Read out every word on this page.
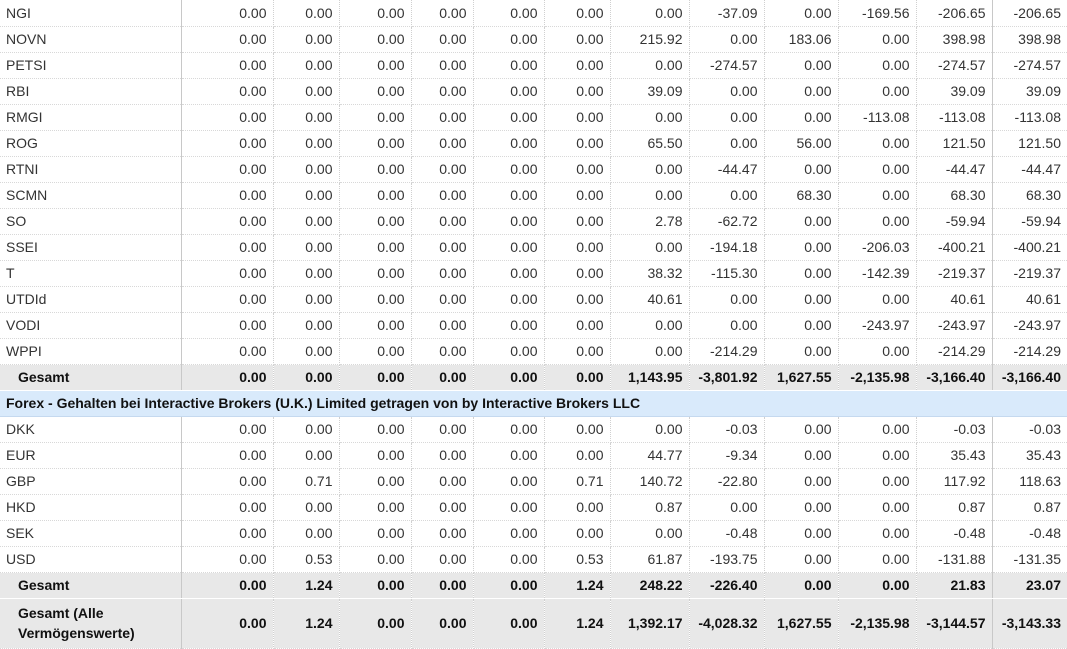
NGI	0.00	0.00	0.00	0.00	0.00	0.00	0.00	-37.09	0.00	-169.56	-206.65	-206.65
NOVN	0.00	0.00	0.00	0.00	0.00	0.00	215.92	0.00	183.06	0.00	398.98	398.98
PETSI	0.00	0.00	0.00	0.00	0.00	0.00	0.00	-274.57	0.00	0.00	-274.57	-274.57
RBI	0.00	0.00	0.00	0.00	0.00	0.00	39.09	0.00	0.00	0.00	39.09	39.09
RMGI	0.00	0.00	0.00	0.00	0.00	0.00	0.00	0.00	0.00	-113.08	-113.08	-113.08
ROG	0.00	0.00	0.00	0.00	0.00	0.00	65.50	0.00	56.00	0.00	121.50	121.50
RTNI	0.00	0.00	0.00	0.00	0.00	0.00	0.00	-44.47	0.00	0.00	-44.47	-44.47
SCMN	0.00	0.00	0.00	0.00	0.00	0.00	0.00	0.00	68.30	0.00	68.30	68.30
SO	0.00	0.00	0.00	0.00	0.00	0.00	2.78	-62.72	0.00	0.00	-59.94	-59.94
SSEI	0.00	0.00	0.00	0.00	0.00	0.00	0.00	-194.18	0.00	-206.03	-400.21	-400.21
T	0.00	0.00	0.00	0.00	0.00	0.00	38.32	-115.30	0.00	-142.39	-219.37	-219.37
UTDId	0.00	0.00	0.00	0.00	0.00	0.00	40.61	0.00	0.00	0.00	40.61	40.61
VODI	0.00	0.00	0.00	0.00	0.00	0.00	0.00	0.00	0.00	-243.97	-243.97	-243.97
WPPI	0.00	0.00	0.00	0.00	0.00	0.00	0.00	-214.29	0.00	0.00	-214.29	-214.29
Gesamt	0.00	0.00	0.00	0.00	0.00	0.00	1,143.95	-3,801.92	1,627.55	-2,135.98	-3,166.40	-3,166.40
Forex - Gehalten bei Interactive Brokers (U.K.) Limited getragen von by Interactive Brokers LLC												
DKK	0.00	0.00	0.00	0.00	0.00	0.00	0.00	-0.03	0.00	0.00	-0.03	-0.03
EUR	0.00	0.00	0.00	0.00	0.00	0.00	44.77	-9.34	0.00	0.00	35.43	35.43
GBP	0.00	0.71	0.00	0.00	0.00	0.71	140.72	-22.80	0.00	0.00	117.92	118.63
HKD	0.00	0.00	0.00	0.00	0.00	0.00	0.87	0.00	0.00	0.00	0.87	0.87
SEK	0.00	0.00	0.00	0.00	0.00	0.00	0.00	-0.48	0.00	0.00	-0.48	-0.48
USD	0.00	0.53	0.00	0.00	0.00	0.53	61.87	-193.75	0.00	0.00	-131.88	-131.35
Gesamt	0.00	1.24	0.00	0.00	0.00	1.24	248.22	-226.40	0.00	0.00	21.83	23.07
Gesamt (Alle
Vermögenswerte)	0.00	1.24	0.00	0.00	0.00	1.24	1,392.17	-4,028.32	1,627.55	-2,135.98	-3,144.57	-3,143.33
